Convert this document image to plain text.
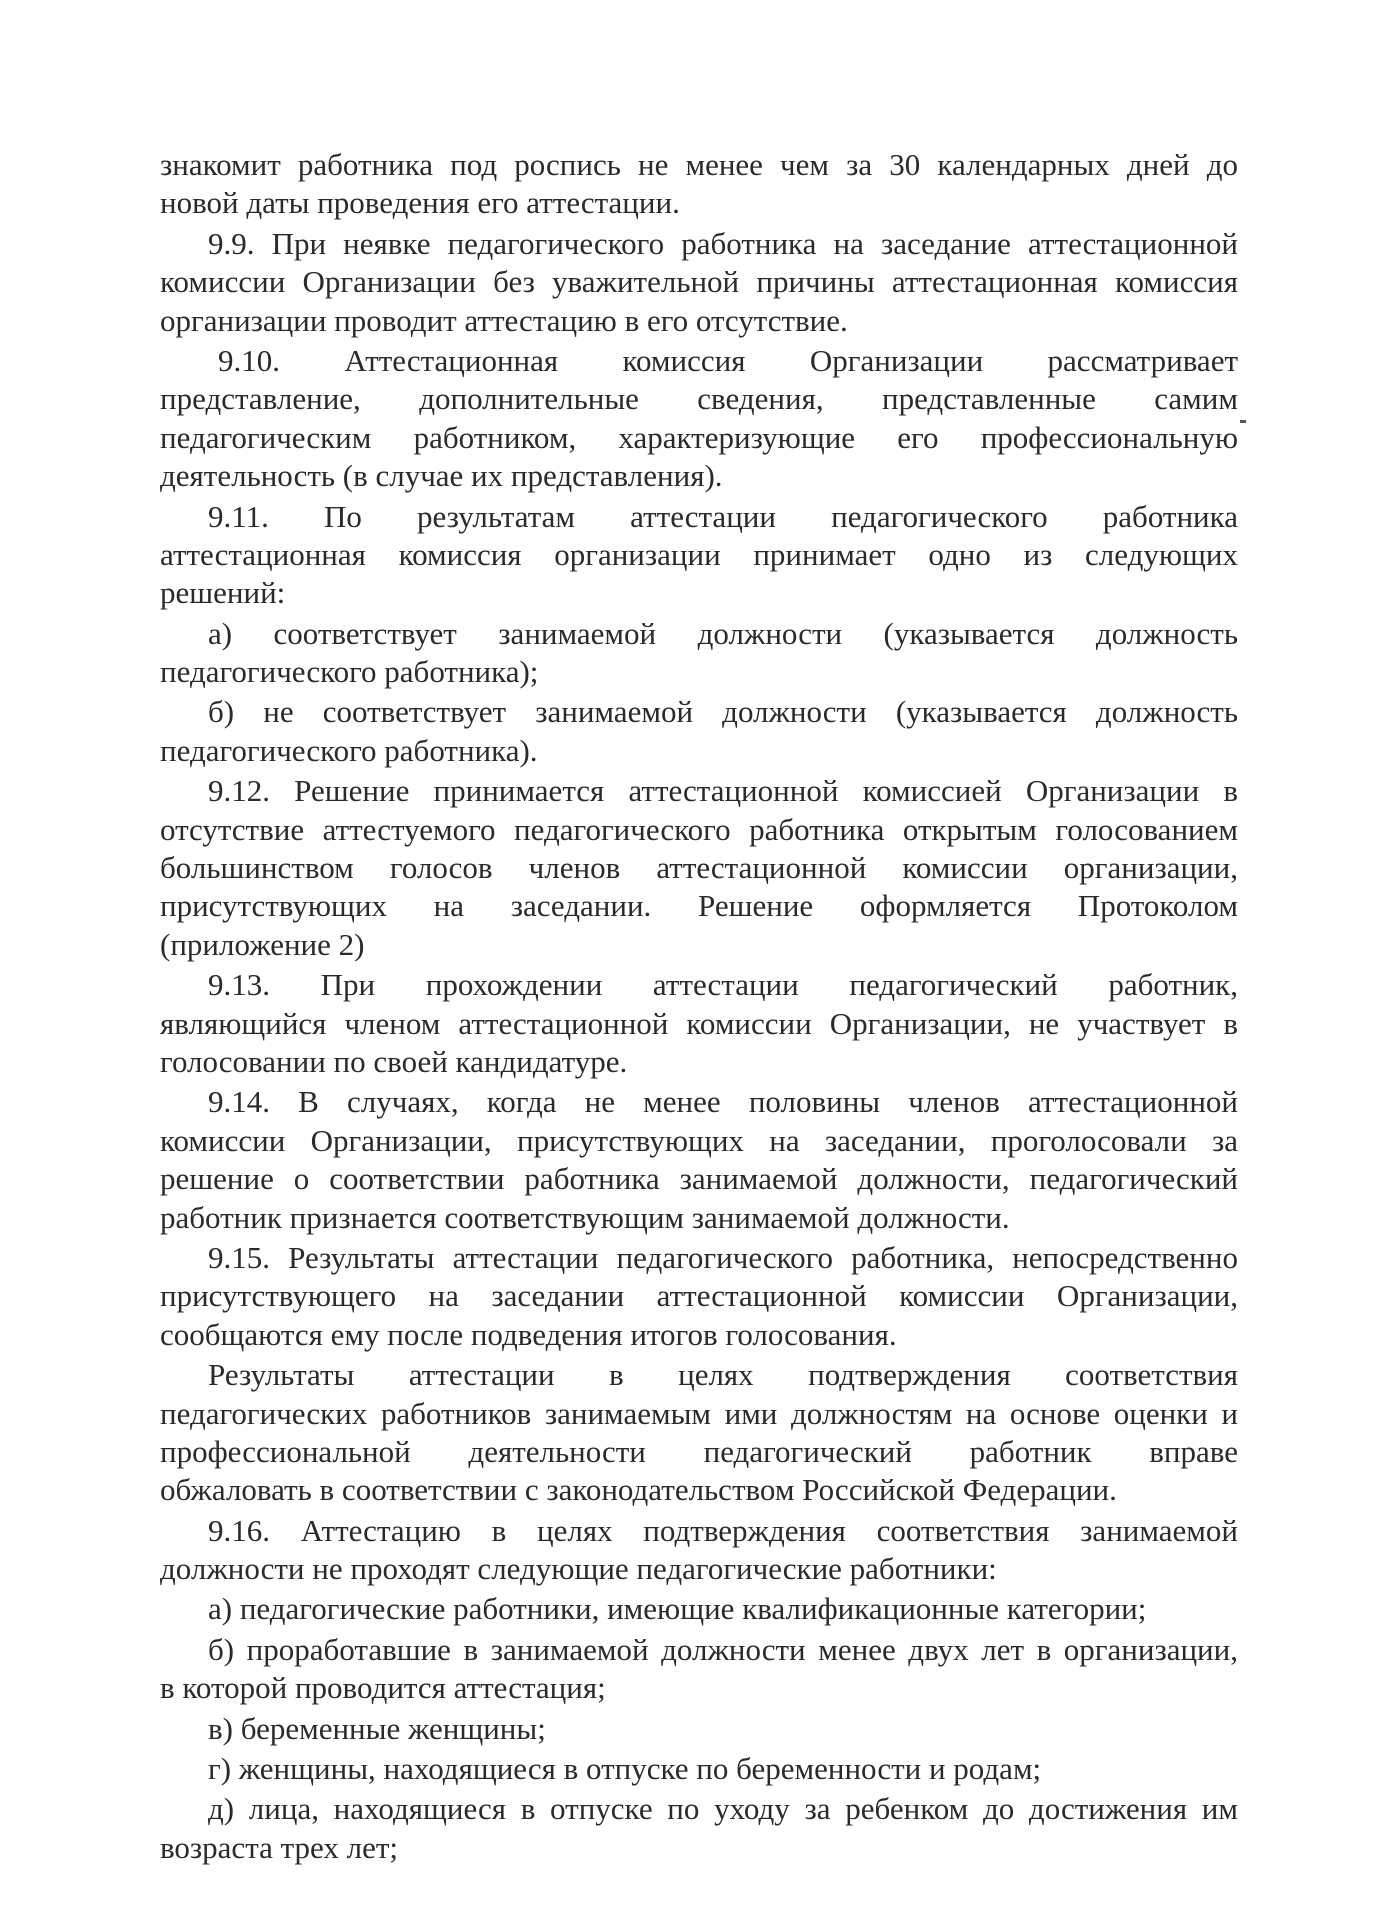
знакомит работника под роспись не менее чем за 30 календарных дней до
новой даты проведения его аттестации.
9.9. При неявке педагогического работника на заседание аттестационной
комиссии Организации без уважительной причины аттестационная комиссия
организации проводит аттестацию в его отсутствие.
9.10. Аттестационная комиссия Организации рассматривает
представление, дополнительные сведения, представленные самим
педагогическим работником, характеризующие его профессиональную
деятельность (в случае их представления).
9.11. По результатам аттестации педагогического работника
аттестационная комиссия организации принимает одно из следующих
решений:
а) соответствует занимаемой должности (указывается должность
педагогического работника);
б) не соответствует занимаемой должности (указывается должность
педагогического работника).
9.12. Решение принимается аттестационной комиссией Организации в
отсутствие аттестуемого педагогического работника открытым голосованием
большинством голосов членов аттестационной комиссии организации,
присутствующих на заседании. Решение оформляется Протоколом
(приложение 2)
9.13. При прохождении аттестации педагогический работник,
являющийся членом аттестационной комиссии Организации, не участвует в
голосовании по своей кандидатуре.
9.14. В случаях, когда не менее половины членов аттестационной
комиссии Организации, присутствующих на заседании, проголосовали за
решение о соответствии работника занимаемой должности, педагогический
работник признается соответствующим занимаемой должности.
9.15. Результаты аттестации педагогического работника, непосредственно
присутствующего на заседании аттестационной комиссии Организации,
сообщаются ему после подведения итогов голосования.
Результаты аттестации в целях подтверждения соответствия
педагогических работников занимаемым ими должностям на основе оценки и
профессиональной деятельности педагогический работник вправе
обжаловать в соответствии с законодательством Российской Федерации.
9.16. Аттестацию в целях подтверждения соответствия занимаемой
должности не проходят следующие педагогические работники:
а) педагогические работники, имеющие квалификационные категории;
б) проработавшие в занимаемой должности менее двух лет в организации,
в которой проводится аттестация;
в) беременные женщины;
г) женщины, находящиеся в отпуске по беременности и родам;
д) лица, находящиеся в отпуске по уходу за ребенком до достижения им
возраста трех лет;
